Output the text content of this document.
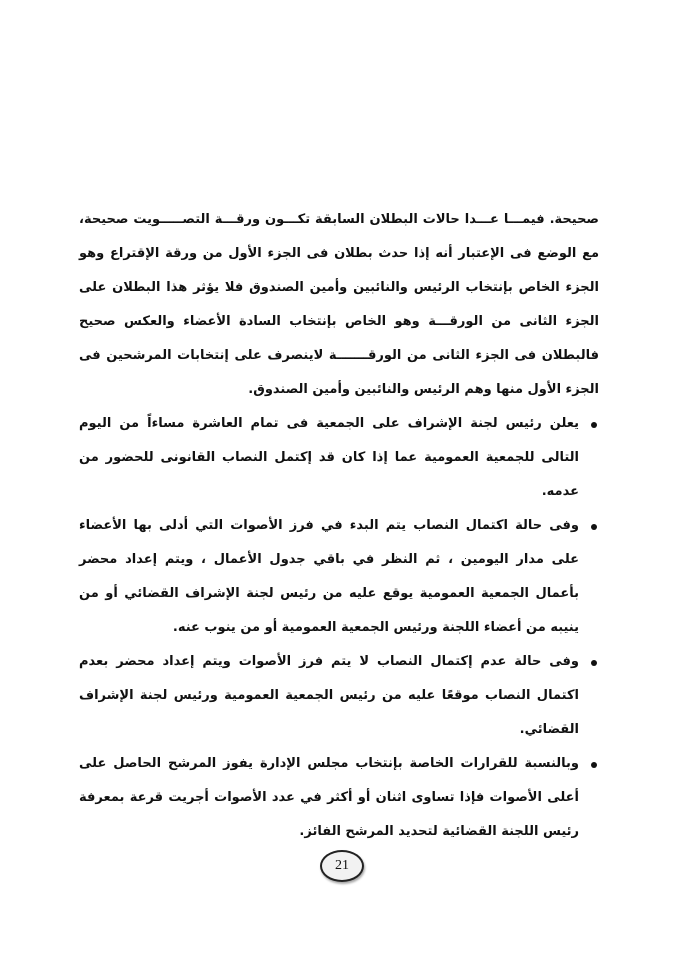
صحيحة. فيمـــا عـــدا حالات البطلان السابقة تكـــون ورقـــة التصـــــويت صحيحة، مع الوضع فى الإعتبار أنه إذا حدث بطلان فى الجزء الأول من ورقة الإقتراع وهو الجزء الخاص بإنتخاب الرئيس والنائبين وأمين الصندوق فلا يؤثر هذا البطلان على الجزء الثانى من الورقـــة وهو الخاص بإنتخاب السادة الأعضاء والعكس صحيح فالبطلان فى الجزء الثانى من الورقـــــــة لاينصرف على إنتخابات المرشحين فى الجزء الأول منها وهم الرئيس والنائبين وأمين الصندوق.

يعلن رئيس لجنة الإشراف على الجمعية فى تمام العاشرة مساءاً من اليوم التالى للجمعية العمومية عما إذا كان قد إكتمل النصاب القانونى للحضور من عدمه.
وفى حالة اكتمال النصاب يتم البدء في فرز الأصوات التي أدلى بها الأعضاء على مدار اليومين ، ثم النظر في باقي جدول الأعمال ، ويتم إعداد محضر بأعمال الجمعية العمومية يوقع عليه من رئيس لجنة الإشراف القضائي أو من ينيبه من أعضاء اللجنة ورئيس الجمعية العمومية أو من ينوب عنه.
وفى حالة عدم إكتمال النصاب لا يتم فرز الأصوات ويتم إعداد محضر بعدم اكتمال النصاب موقعًا عليه من رئيس الجمعية العمومية ورئيس لجنة الإشراف القضائي.
وبالنسبة للقرارات الخاصة بإنتخاب مجلس الإدارة يفوز المرشح الحاصل على أعلى الأصوات فإذا تساوى اثنان أو أكثر في عدد الأصوات أجريت قرعة بمعرفة رئيس اللجنة القضائية لتحديد المرشح الفائز.
21
